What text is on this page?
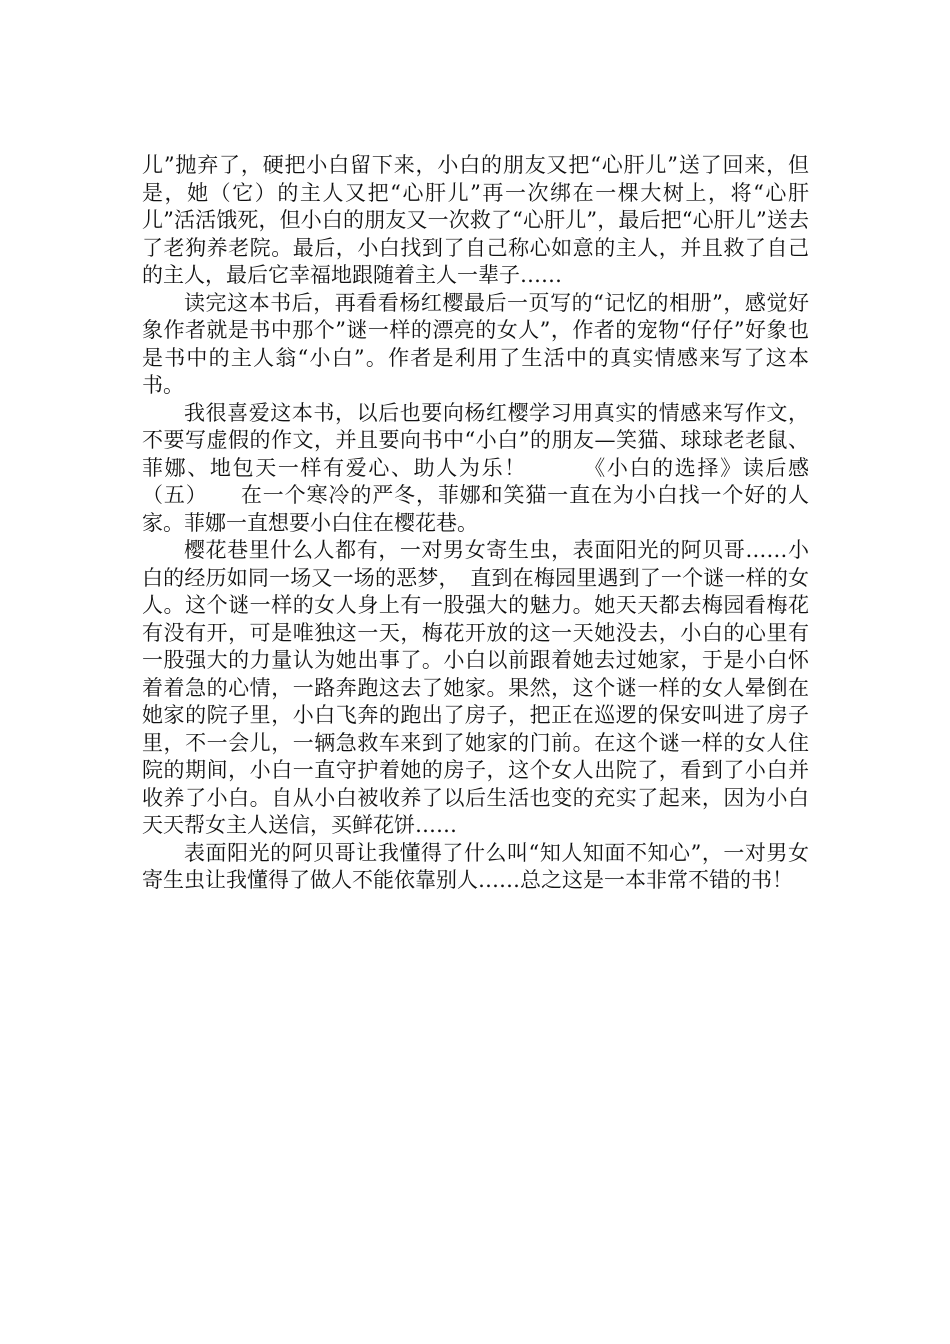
儿”抛弃了，硬把小白留下来，小白的朋友又把“心肝儿”送了回来，但是，她（它）的主人又把“心肝儿”再一次绑在一棵大树上，将“心肝儿”活活饿死，但小白的朋友又一次救了“心肝儿”，最后把“心肝儿”送去了老狗养老院。最后，小白找到了自己称心如意的主人，并且救了自己的主人，最后它幸福地跟随着主人一辈子……

读完这本书后，再看看杨红樱最后一页写的“记忆的相册”，感觉好象作者就是书中那个”谜一样的漂亮的女人”，作者的宠物“仔仔”好象也是书中的主人翁“小白”。作者是利用了生活中的真实情感来写了这本书。

我很喜爱这本书，以后也要向杨红樱学习用真实的情感来写作文，不要写虚假的作文，并且要向书中“小白”的朋友—笑猫、球球老老鼠、菲娜、地包天一样有爱心、助人为乐！　　　《小白的选择》读后感（五）　　在一个寒冷的严冬，菲娜和笑猫一直在为小白找一个好的人家。菲娜一直想要小白住在樱花巷。

樱花巷里什么人都有，一对男女寄生虫，表面阳光的阿贝哥……小白的经历如同一场又一场的恶梦，　直到在梅园里遇到了一个谜一样的女人。这个谜一样的女人身上有一股强大的魅力。她天天都去梅园看梅花有没有开，可是唯独这一天，梅花开放的这一天她没去，小白的心里有一股强大的力量认为她出事了。小白以前跟着她去过她家，于是小白怀着着急的心情，一路奔跑这去了她家。果然，这个谜一样的女人晕倒在她家的院子里，小白飞奔的跑出了房子，把正在巡逻的保安叫进了房子里，不一会儿，一辆急救车来到了她家的门前。在这个谜一样的女人住院的期间，小白一直守护着她的房子，这个女人出院了，看到了小白并收养了小白。自从小白被收养了以后生活也变的充实了起来，因为小白天天帮女主人送信，买鲜花饼……

表面阳光的阿贝哥让我懂得了什么叫“知人知面不知心”，一对男女寄生虫让我懂得了做人不能依靠别人……总之这是一本非常不错的书！
